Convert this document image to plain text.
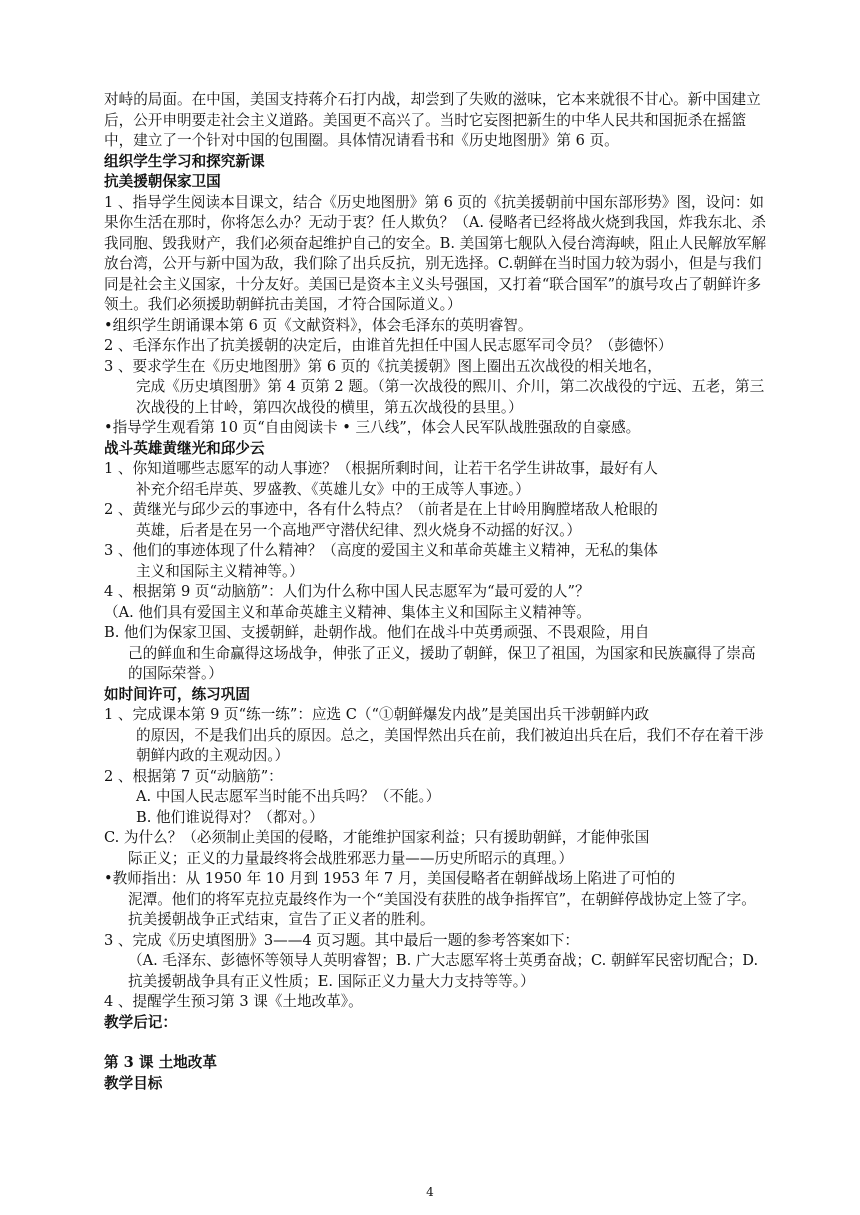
对峙的局面。在中国，美国支持蒋介石打内战，却尝到了失败的滋味，它本来就很不甘心。新中国建立后，公开申明要走社会主义道路。美国更不高兴了。当时它妄图把新生的中华人民共和国扼杀在摇篮中，建立了一个针对中国的包围圈。具体情况请看书和《历史地图册》第 6 页。
组织学生学习和探究新课
抗美援朝保家卫国
1 、指导学生阅读本目课文，结合《历史地图册》第 6 页的《抗美援朝前中国东部形势》图，设问：如果你生活在那时，你将怎么办？无动于衷？任人欺负？（A. 侵略者已经将战火烧到我国，炸我东北、杀我同胞、毁我财产，我们必须奋起维护自己的安全。B. 美国第七舰队入侵台湾海峡，阻止人民解放军解放台湾，公开与新中国为敌，我们除了出兵反抗，别无选择。C.朝鲜在当时国力较为弱小，但是与我们同是社会主义国家，十分友好。美国已是资本主义头号强国，又打着“联合国军”的旗号攻占了朝鲜许多领土。我们必须援助朝鲜抗击美国，才符合国际道义。）
•组织学生朗诵课本第 6 页《文献资料》，体会毛泽东的英明睿智。
2 、毛泽东作出了抗美援朝的决定后，由谁首先担任中国人民志愿军司令员？（彭德怀）
3 、要求学生在《历史地图册》第 6 页的《抗美援朝》图上圈出五次战役的相关地名，
完成《历史填图册》第 4 页第 2 题。（第一次战役的熙川、介川，第二次战役的宁远、五老，第三次战役的上甘岭，第四次战役的横里，第五次战役的县里。）
•指导学生观看第 10 页“自由阅读卡 • 三八线”，体会人民军队战胜强敌的自豪感。
战斗英雄黄继光和邱少云
1 、你知道哪些志愿军的动人事迹？（根据所剩时间，让若干名学生讲故事，最好有人
补充介绍毛岸英、罗盛教、《英雄儿女》中的王成等人事迹。）
2 、黄继光与邱少云的事迹中，各有什么特点？（前者是在上甘岭用胸膛堵敌人枪眼的
英雄，后者是在另一个高地严守潜伏纪律、烈火烧身不动摇的好汉。）
3 、他们的事迹体现了什么精神？（高度的爱国主义和革命英雄主义精神，无私的集体
主义和国际主义精神等。）
4 、根据第 9 页“动脑筋”：人们为什么称中国人民志愿军为“最可爱的人”？
（A. 他们具有爱国主义和革命英雄主义精神、集体主义和国际主义精神等。
B. 他们为保家卫国、支援朝鲜，赴朝作战。他们在战斗中英勇顽强、不畏艰险，用自
己的鲜血和生命赢得这场战争，伸张了正义，援助了朝鲜，保卫了祖国，为国家和民族赢得了崇高的国际荣誉。）
如时间许可，练习巩固
1 、完成课本第 9 页“练一练”：应选 C（“①朝鲜爆发内战”是美国出兵干涉朝鲜内政
的原因，不是我们出兵的原因。总之，美国悍然出兵在前，我们被迫出兵在后，我们不存在着干涉朝鲜内政的主观动因。）
2 、根据第 7 页“动脑筋”：
A. 中国人民志愿军当时能不出兵吗？（不能。）
B. 他们谁说得对？（都对。）
C. 为什么？（必须制止美国的侵略，才能维护国家利益；只有援助朝鲜，才能伸张国
际正义；正义的力量最终将会战胜邪恶力量——历史所昭示的真理。）
•教师指出：从 1950 年 10 月到 1953 年 7 月，美国侵略者在朝鲜战场上陷进了可怕的
泥潭。他们的将军克拉克最终作为一个“美国没有获胜的战争指挥官”，在朝鲜停战协定上签了字。抗美援朝战争正式结束，宣告了正义者的胜利。
3 、完成《历史填图册》3——4 页习题。其中最后一题的参考答案如下：
（A. 毛泽东、彭德怀等领导人英明睿智；B. 广大志愿军将士英勇奋战；C. 朝鲜军民密切配合；D. 抗美援朝战争具有正义性质；E. 国际正义力量大力支持等等。）
4 、提醒学生预习第 3 课《土地改革》。
教学后记：
第 3 课 土地改革
教学目标
4
